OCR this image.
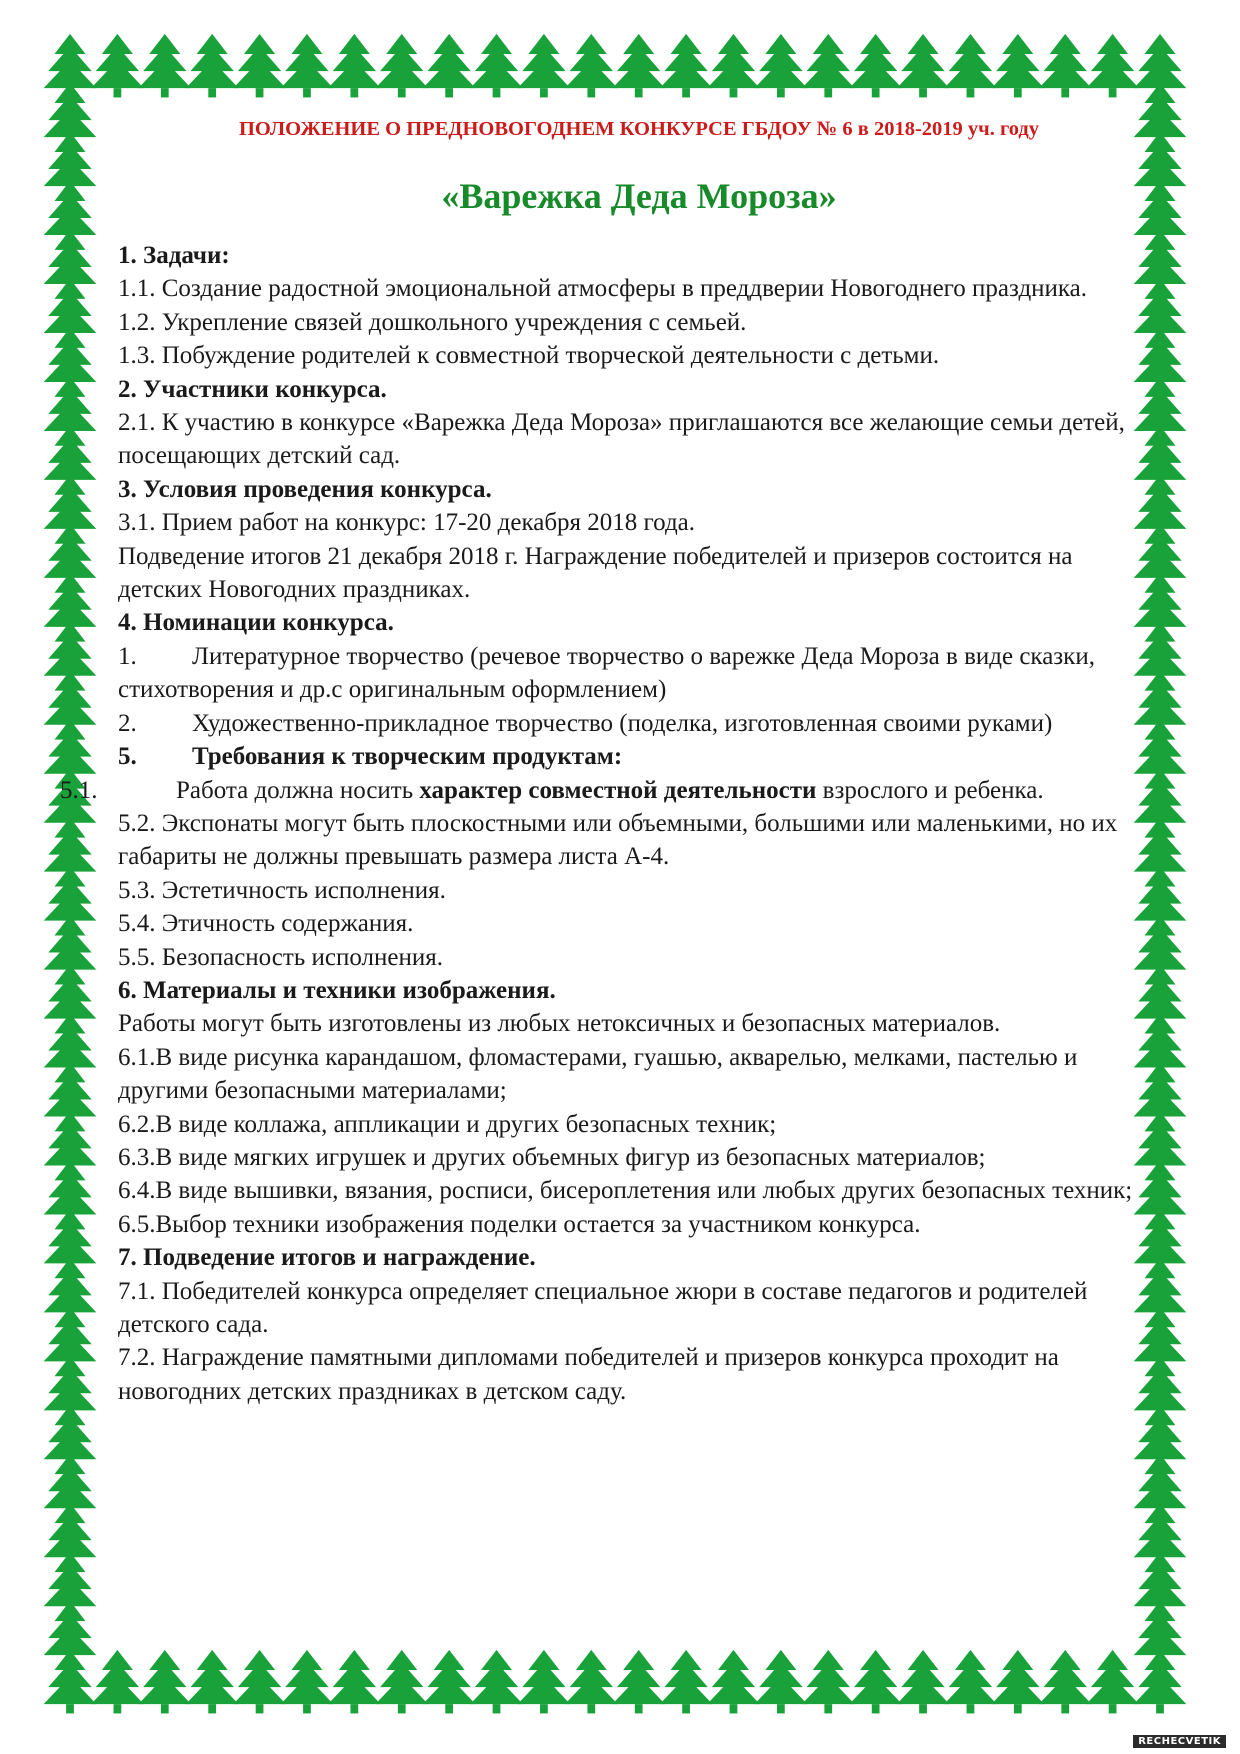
ПОЛОЖЕНИЕ О ПРЕДНОВОГОДНЕМ КОНКУРСЕ ГБДОУ № 6 в 2018-2019 уч. году
«Варежка Деда Мороза»

1. Задачи:

1.1. Создание радостной эмоциональной атмосферы в преддверии Новогоднего праздника.

1.2. Укрепление связей дошкольного учреждения с семьей.

1.3. Побуждение родителей к совместной творческой деятельности с детьми.

2. Участники конкурса.

2.1. К участию в конкурсе «Варежка Деда Мороза» приглашаются все желающие семьи детей, посещающих детский сад.

3. Условия проведения конкурса.

3.1. Прием работ на конкурс: 17-20 декабря 2018 года.

Подведение итогов 21 декабря 2018 г. Награждение победителей и призеров состоится на детских Новогодних праздниках.

4. Номинации конкурса.

1. Литературное творчество (речевое творчество о варежке Деда Мороза в виде сказки, стихотворения и др.с оригинальным оформлением)

2. Художественно-прикладное творчество (поделка, изготовленная своими руками)

5. Требования к творческим продуктам:

5.1.	Работа должна носить характер совместной деятельности взрослого и ребенка.

5.2. Экспонаты могут быть плоскостными или объемными, большими или маленькими, но их габариты не должны превышать размера листа А-4.

5.3. Эстетичность исполнения.

5.4. Этичность содержания.

5.5. Безопасность исполнения.

6. Материалы и техники изображения.

Работы могут быть изготовлены из любых нетоксичных и безопасных материалов.

6.1.В виде рисунка карандашом, фломастерами, гуашью, акварелью, мелками, пастелью и другими безопасными материалами;

6.2.В виде коллажа, аппликации и других безопасных техник;

6.3.В виде мягких игрушек и других объемных фигур из безопасных материалов;

6.4.В виде вышивки, вязания, росписи, бисероплетения или любых других безопасных техник;

6.5.Выбор техники изображения поделки остается за участником конкурса.

7. Подведение итогов и награждение.

7.1. Победителей конкурса определяет специальное жюри в составе педагогов и родителей детского сада.

7.2. Награждение памятными дипломами победителей и призеров конкурса проходит на новогодних детских праздниках в детском саду.

RECHECVETIK
